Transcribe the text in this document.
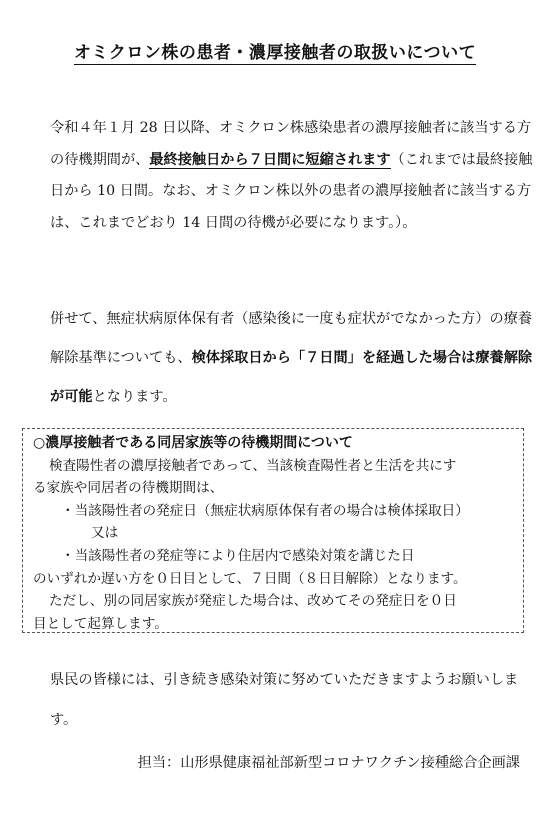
オミクロン株の患者・濃厚接触者の取扱いについて
令和４年１月 28 日以降、オミクロン株感染患者の濃厚接触者に該当する方の待機期間が、最終接触日から７日間に短縮されます（これまでは最終接触日から 10 日間。なお、オミクロン株以外の患者の濃厚接触者に該当する方は、これまでどおり 14 日間の待機が必要になります。）。
併せて、無症状病原体保有者（感染後に一度も症状がでなかった方）の療養解除基準についても、検体採取日から「７日間」を経過した場合は療養解除が可能となります。
○濃厚接触者である同居家族等の待機期間について
検査陽性者の濃厚接触者であって、当該検査陽性者と生活を共にす
る家族や同居者の待機期間は、
・当該陽性者の発症日（無症状病原体保有者の場合は検体採取日）
又は
・当該陽性者の発症等により住居内で感染対策を講じた日
のいずれか遅い方を０日目として、７日間（８日目解除）となります。
ただし、別の同居家族が発症した場合は、改めてその発症日を０日
目として起算します。
県民の皆様には、引き続き感染対策に努めていただきますようお願いします。
担当：山形県健康福祉部新型コロナワクチン接種総合企画課
